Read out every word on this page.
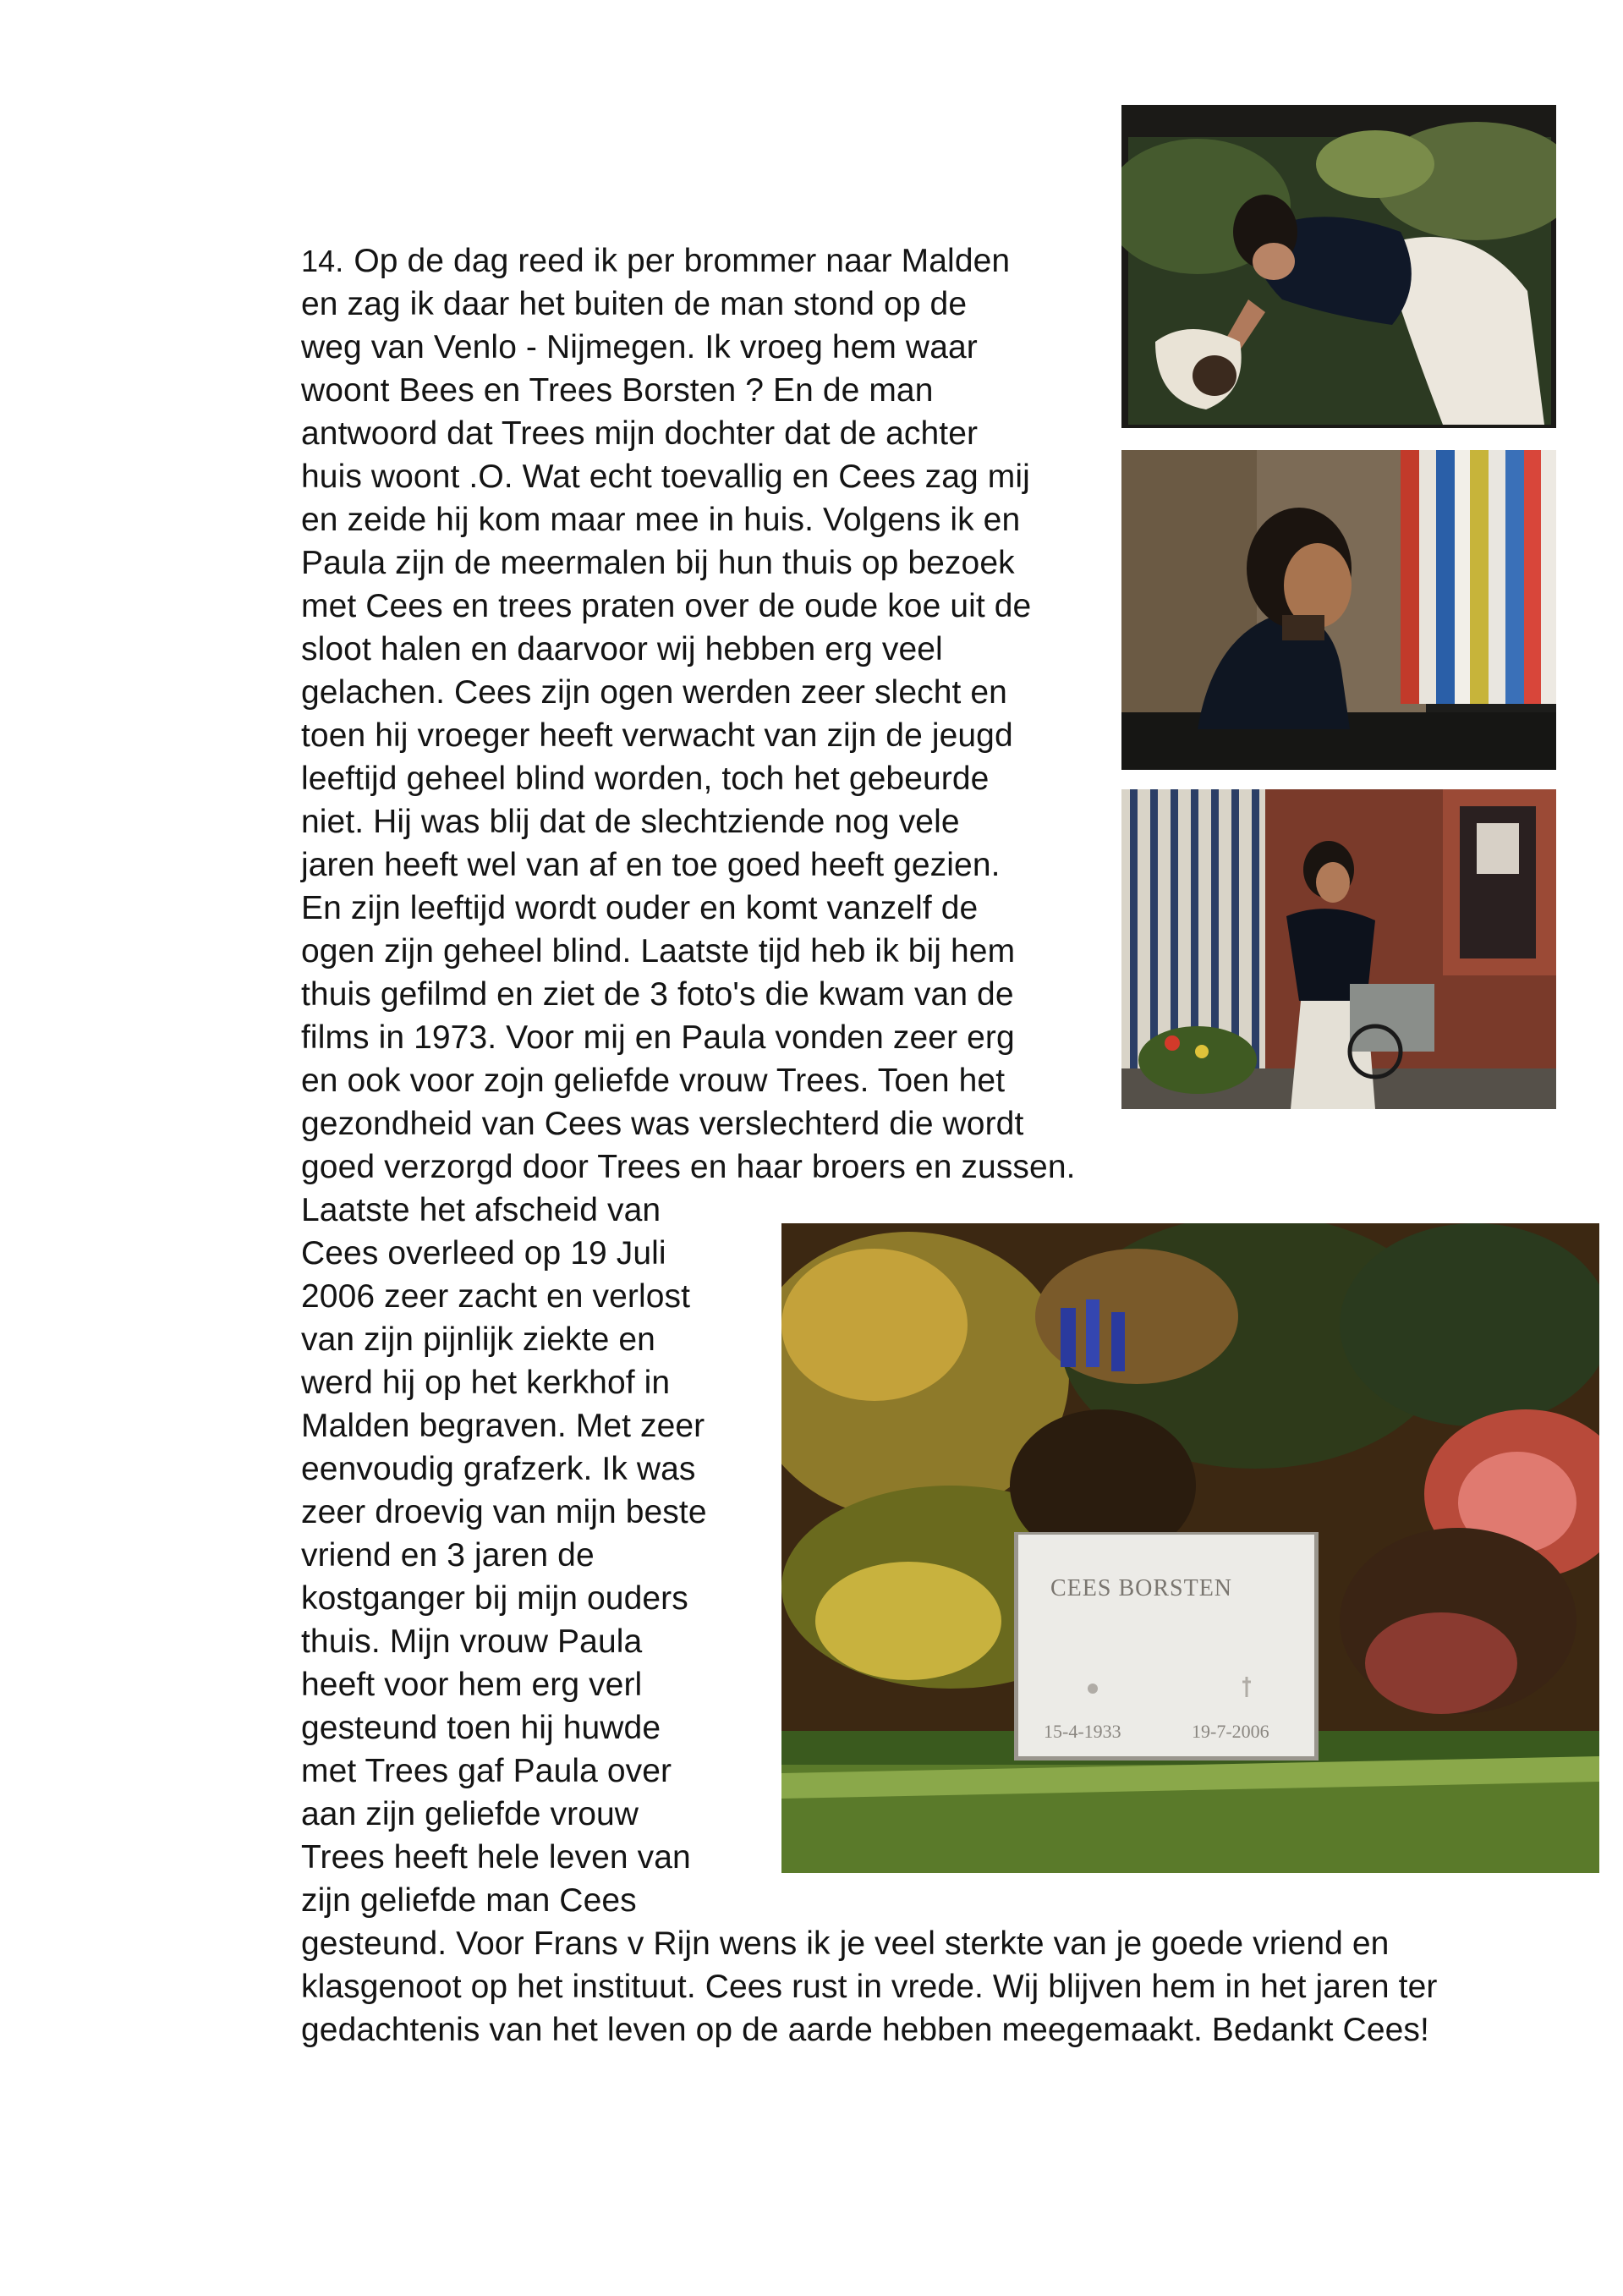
14. Op de dag reed ik per brommer naar Malden
en zag ik daar het buiten de man stond op de
weg van Venlo - Nijmegen. Ik vroeg hem waar
woont Bees en Trees Borsten ? En de man
antwoord dat Trees mijn dochter dat de achter
huis woont .O. Wat echt toevallig en Cees zag mij
en zeide hij kom maar mee in huis. Volgens ik en
Paula zijn de meermalen bij hun thuis op bezoek
met Cees en trees praten over de oude koe uit de
sloot halen en daarvoor wij hebben erg veel
gelachen. Cees zijn ogen werden zeer slecht en
toen hij vroeger heeft verwacht van zijn de jeugd
leeftijd geheel blind worden, toch het gebeurde
niet. Hij was blij dat de slechtziende nog vele
jaren heeft wel van af en toe goed heeft gezien.
En zijn leeftijd wordt ouder en komt vanzelf de
ogen zijn geheel blind. Laatste tijd heb ik bij hem
thuis gefilmd en ziet de 3 foto's die kwam van de
films in 1973. Voor mij en Paula vonden zeer erg
en ook voor zojn geliefde vrouw Trees. Toen het
gezondheid van Cees was verslechterd die wordt
goed verzorgd door Trees en haar broers en zussen.
Laatste het afscheid van
Cees overleed op 19 Juli
2006 zeer zacht en verlost
van zijn pijnlijk ziekte en
werd hij op het kerkhof in
Malden begraven. Met zeer
eenvoudig grafzerk. Ik was
zeer droevig van mijn beste
vriend en 3 jaren de
kostganger bij mijn ouders
thuis. Mijn vrouw Paula
heeft voor hem erg verl
gesteund toen hij huwde
met Trees gaf Paula over
aan zijn geliefde vrouw
Trees heeft hele leven van
zijn geliefde man Cees
gesteund. Voor Frans v Rijn wens ik je veel sterkte van je goede vriend en
klasgenoot op het instituut. Cees rust in vrede. Wij blijven hem in het jaren ter
gedachtenis van het leven op de aarde hebben meegemaakt. Bedankt Cees!
CEES BORSTEN
15-4-1933	19-7-2006
